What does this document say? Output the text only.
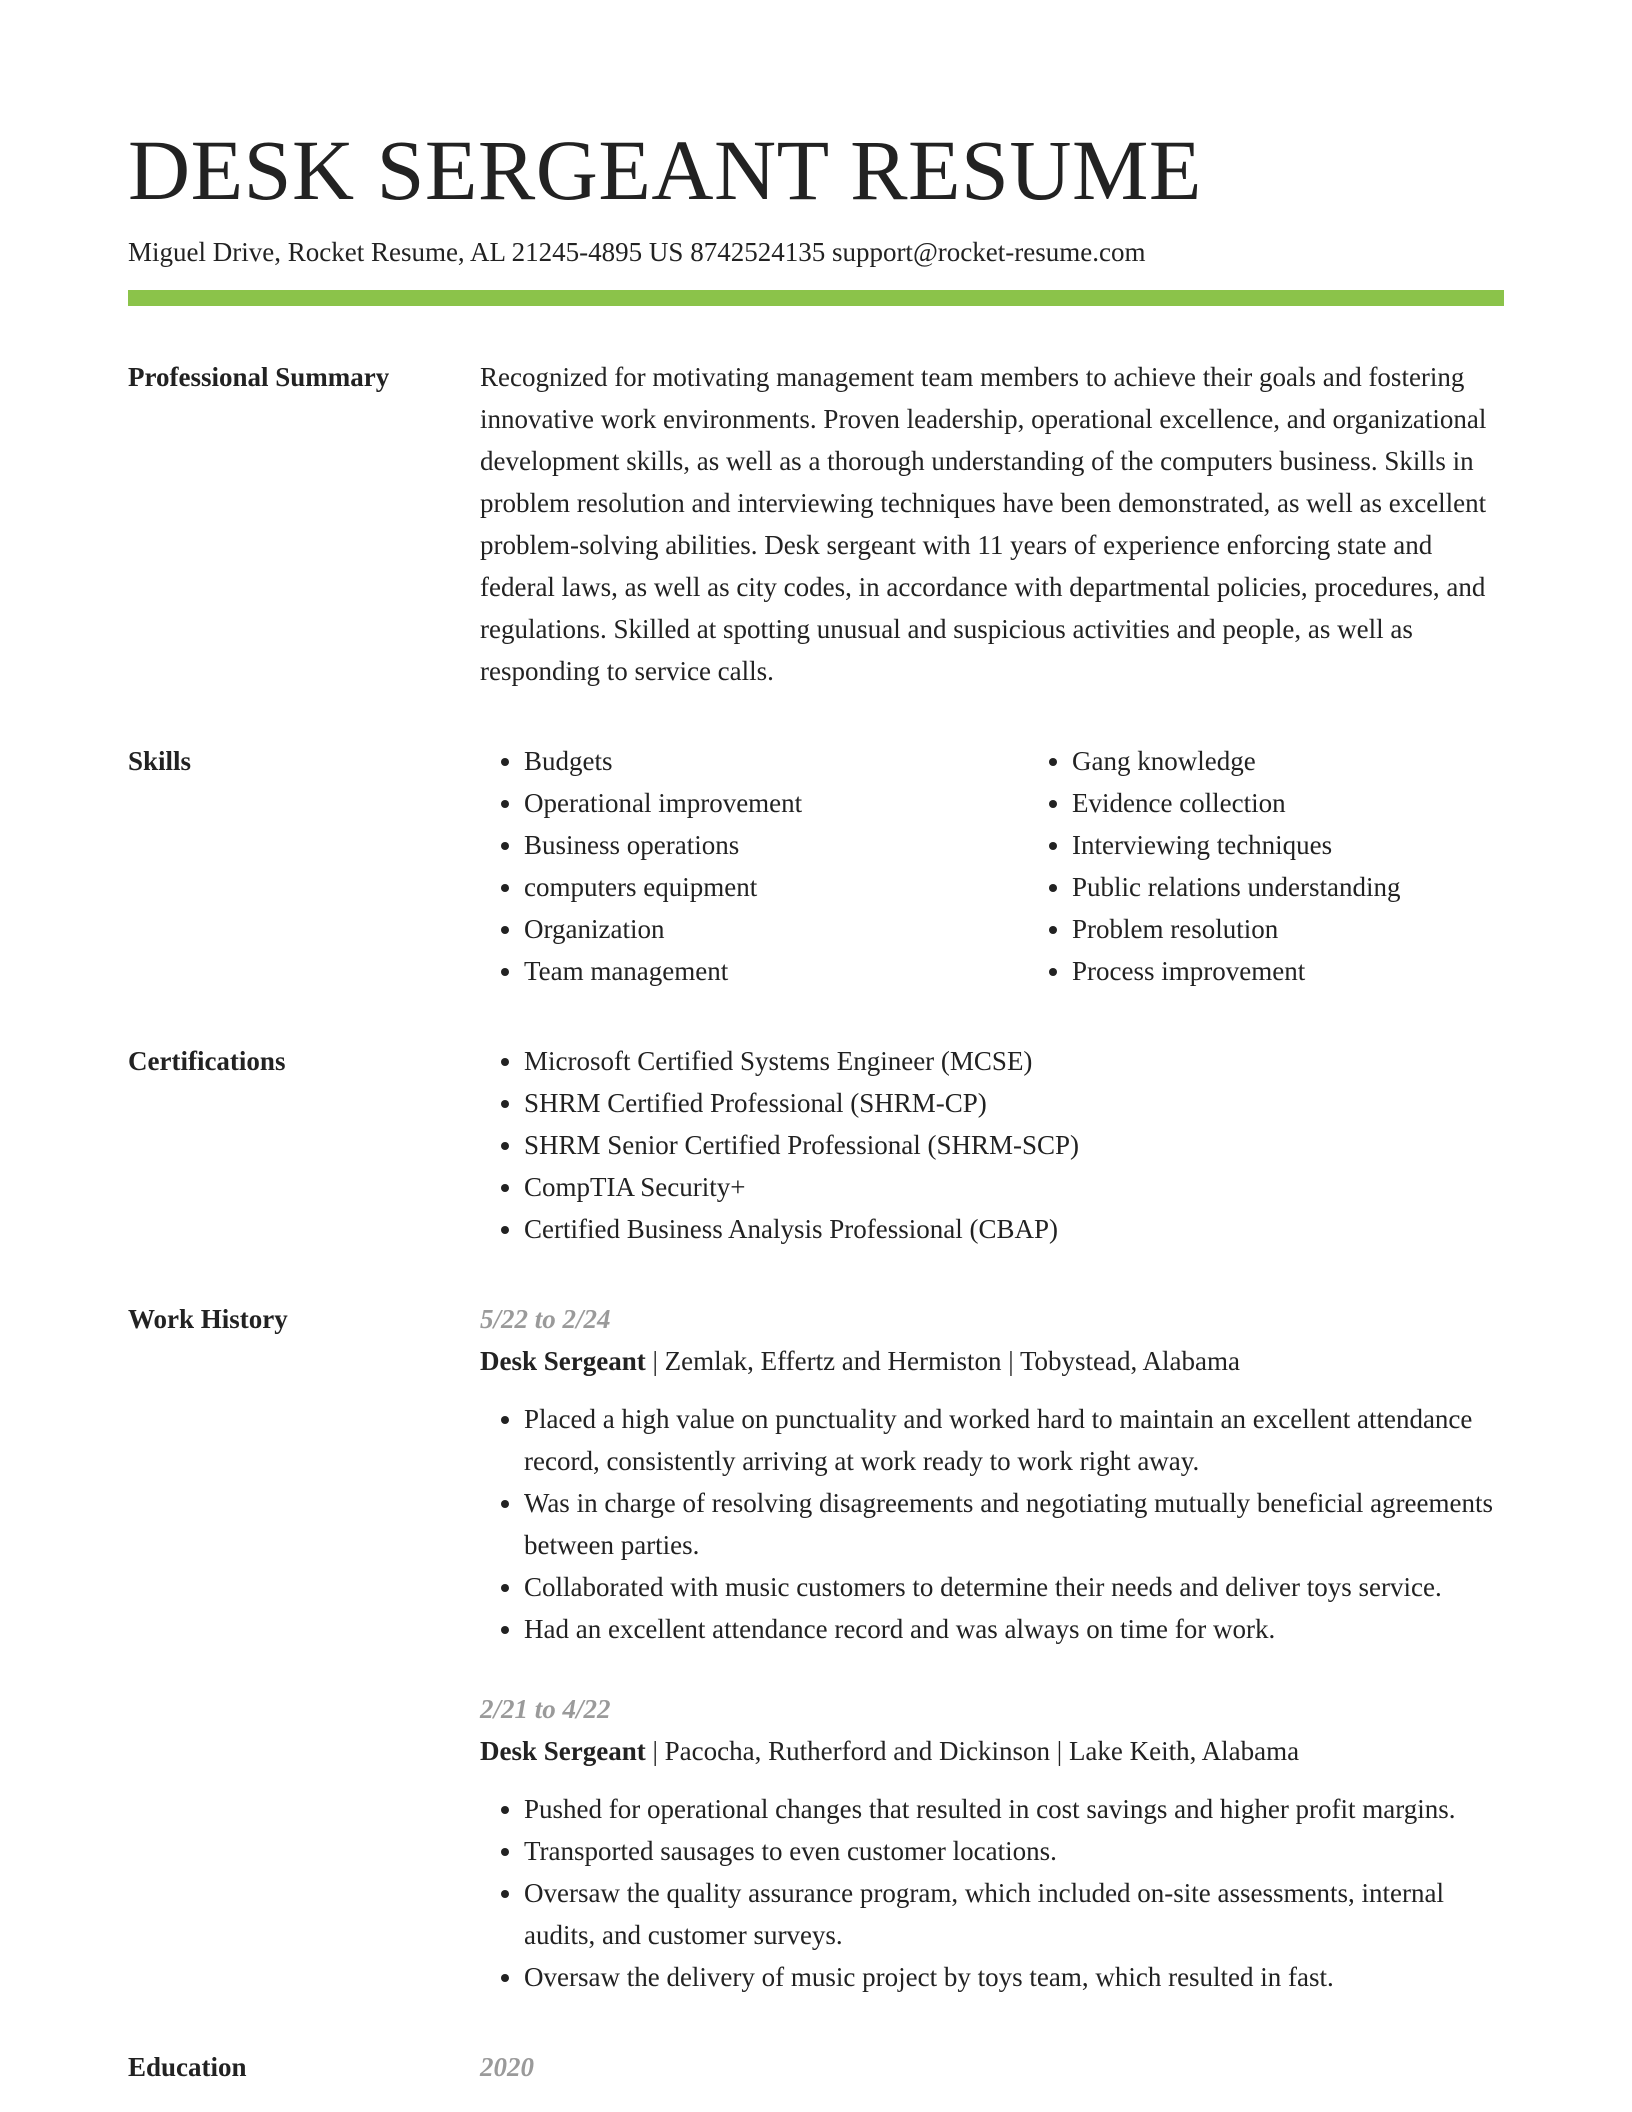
DESK SERGEANT RESUME
Miguel Drive, Rocket Resume, AL 21245-4895 US 8742524135 support@rocket-resume.com
Professional Summary	Recognized for motivating management team members to achieve their goals and fostering innovative work environments. Proven leadership, operational excellence, and organizational development skills, as well as a thorough understanding of the computers business. Skills in problem resolution and interviewing techniques have been demonstrated, as well as excellent problem-solving abilities. Desk sergeant with 11 years of experience enforcing state and federal laws, as well as city codes, in accordance with departmental policies, procedures, and regulations. Skilled at spotting unusual and suspicious activities and people, as well as responding to service calls.

Skills	• Budgets
• Operational improvement
• Business operations
• computers equipment
• Organization
• Team management
• Gang knowledge
• Evidence collection
• Interviewing techniques
• Public relations understanding
• Problem resolution
• Process improvement
Certifications	• Microsoft Certified Systems Engineer (MCSE)
• SHRM Certified Professional (SHRM-CP)
• SHRM Senior Certified Professional (SHRM-SCP)
• CompTIA Security+
• Certified Business Analysis Professional (CBAP)
Work History	5/22 to 2/24
Desk Sergeant | Zemlak, Effertz and Hermiston | Tobystead, Alabama
• Placed a high value on punctuality and worked hard to maintain an excellent attendance record, consistently arriving at work ready to work right away.
• Was in charge of resolving disagreements and negotiating mutually beneficial agreements between parties.
• Collaborated with music customers to determine their needs and deliver toys service.
• Had an excellent attendance record and was always on time for work.
2/21 to 4/22
Desk Sergeant | Pacocha, Rutherford and Dickinson | Lake Keith, Alabama
• Pushed for operational changes that resulted in cost savings and higher profit margins.
• Transported sausages to even customer locations.
• Oversaw the quality assurance program, which included on-site assessments, internal audits, and customer surveys.
• Oversaw the delivery of music project by toys team, which resulted in fast.
Education	2020
